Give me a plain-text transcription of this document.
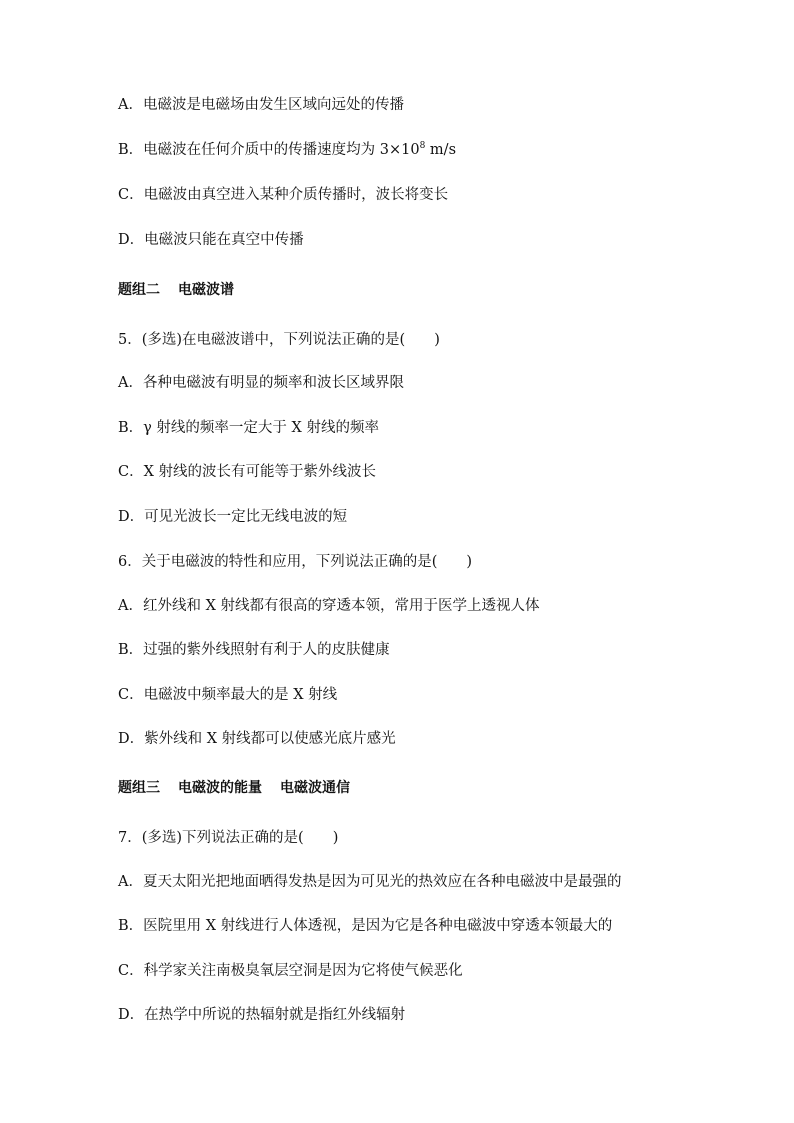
A．电磁波是电磁场由发生区域向远处的传播
B．电磁波在任何介质中的传播速度均为 $3\times 10^8$ m/s
C．电磁波由真空进入某种介质传播时，波长将变长
D．电磁波只能在真空中传播
题组二 电磁波谱
5．(多选)在电磁波谱中，下列说法正确的是(　　)
A．各种电磁波有明显的频率和波长区域界限
B．γ 射线的频率一定大于 X 射线的频率
C．X 射线的波长有可能等于紫外线波长
D．可见光波长一定比无线电波的短
6．关于电磁波的特性和应用，下列说法正确的是(　　)
A．红外线和 X 射线都有很高的穿透本领，常用于医学上透视人体
B．过强的紫外线照射有利于人的皮肤健康
C．电磁波中频率最大的是 X 射线
D．紫外线和 X 射线都可以使感光底片感光
题组三 电磁波的能量 电磁波通信
7．(多选)下列说法正确的是(　　)
A．夏天太阳光把地面晒得发热是因为可见光的热效应在各种电磁波中是最强的
B．医院里用 X 射线进行人体透视，是因为它是各种电磁波中穿透本领最大的
C．科学家关注南极臭氧层空洞是因为它将使气候恶化
D．在热学中所说的热辐射就是指红外线辐射
